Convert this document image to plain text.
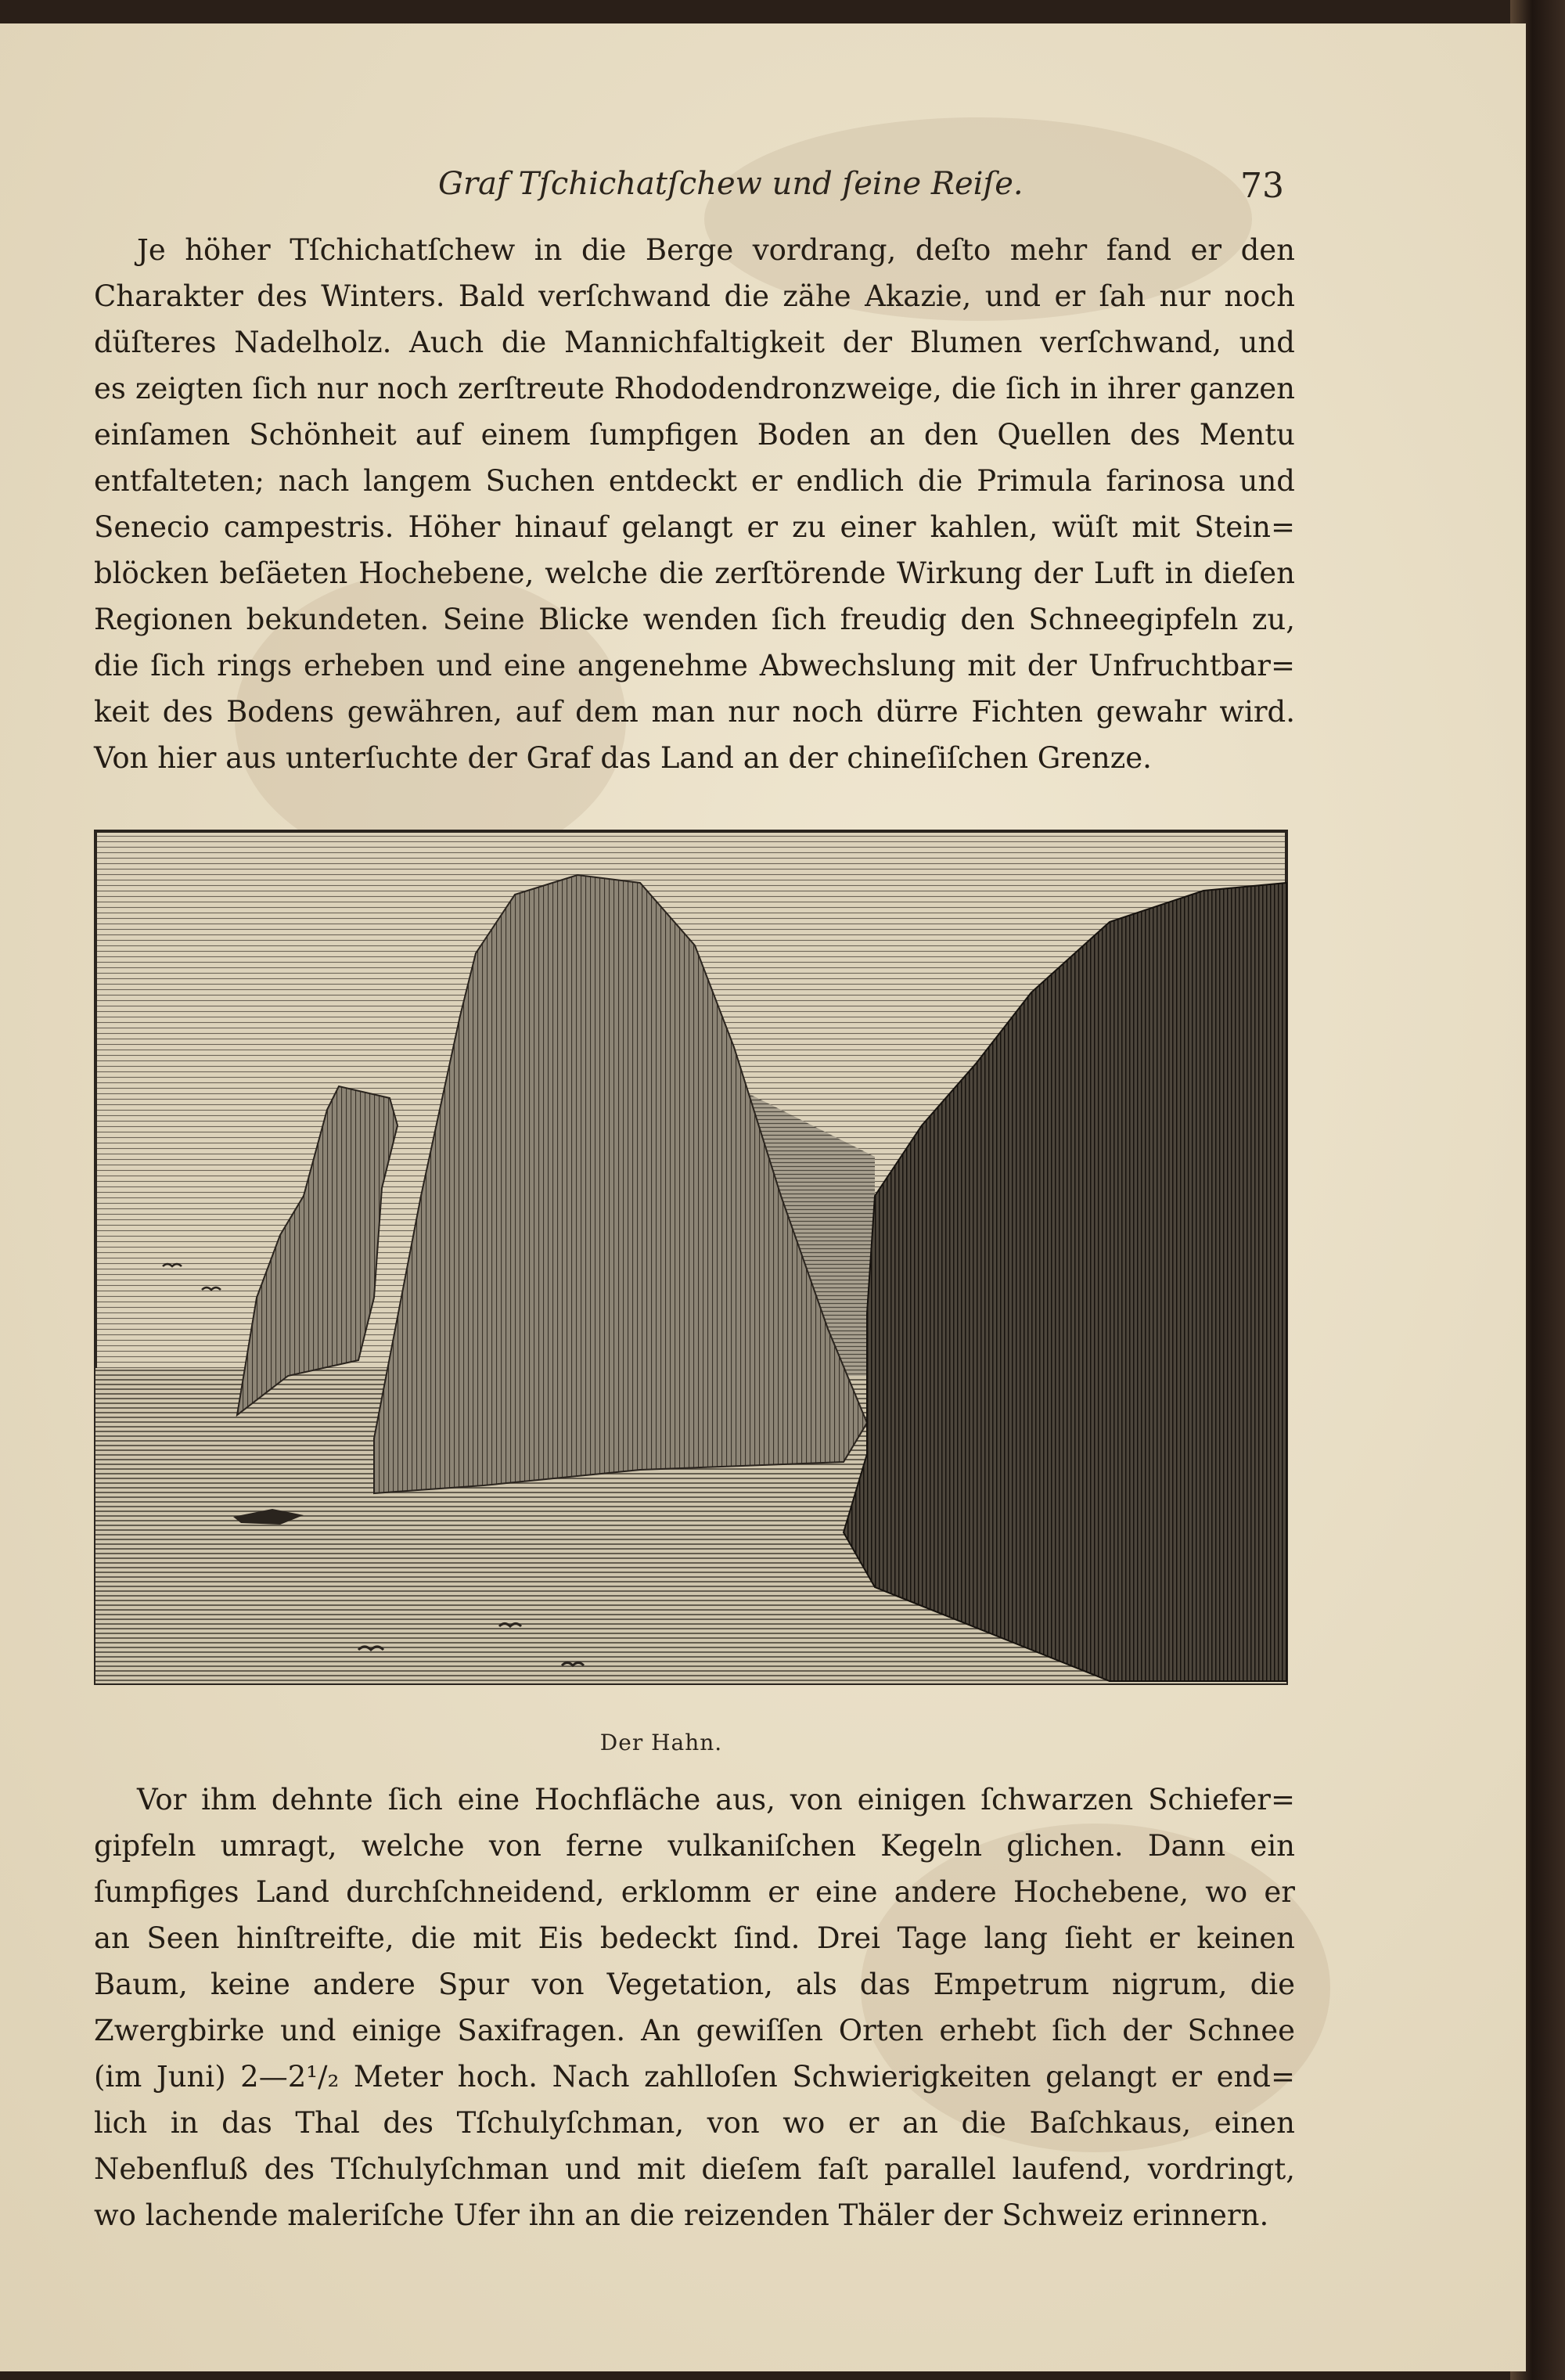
Graf Tſchichatſchew und ſeine Reiſe.	73
Je höher Tſchichatſchew in die Berge vordrang, deſto mehr fand er den
Charakter des Winters. Bald verſchwand die zähe Akazie, und er ſah nur noch
düſteres Nadelholz. Auch die Mannichfaltigkeit der Blumen verſchwand, und
es zeigten ſich nur noch zerſtreute Rhododendronzweige, die ſich in ihrer ganzen
einſamen Schönheit auf einem ſumpfigen Boden an den Quellen des Mentu
entfalteten; nach langem Suchen entdeckt er endlich die Primula farinosa und
Senecio campestris. Höher hinauf gelangt er zu einer kahlen, wüſt mit Stein=
blöcken beſäeten Hochebene, welche die zerſtörende Wirkung der Luft in dieſen
Regionen bekundeten. Seine Blicke wenden ſich freudig den Schneegipfeln zu,
die ſich rings erheben und eine angenehme Abwechslung mit der Unfruchtbar=
keit des Bodens gewähren, auf dem man nur noch dürre Fichten gewahr wird.
Von hier aus unterſuchte der Graf das Land an der chineſiſchen Grenze.
Der Hahn.
Vor ihm dehnte ſich eine Hochfläche aus, von einigen ſchwarzen Schiefer=
gipfeln umragt, welche von ferne vulkaniſchen Kegeln glichen. Dann ein
ſumpfiges Land durchſchneidend, erklomm er eine andere Hochebene, wo er
an Seen hinſtreifte, die mit Eis bedeckt ſind. Drei Tage lang ſieht er keinen
Baum, keine andere Spur von Vegetation, als das Empetrum nigrum, die
Zwergbirke und einige Saxifragen. An gewiſſen Orten erhebt ſich der Schnee
(im Juni) 2—2¹/₂ Meter hoch. Nach zahlloſen Schwierigkeiten gelangt er end=
lich in das Thal des Tſchulyſchman, von wo er an die Baſchkaus, einen
Nebenfluß des Tſchulyſchman und mit dieſem faſt parallel laufend, vordringt,
wo lachende maleriſche Ufer ihn an die reizenden Thäler der Schweiz erinnern.
